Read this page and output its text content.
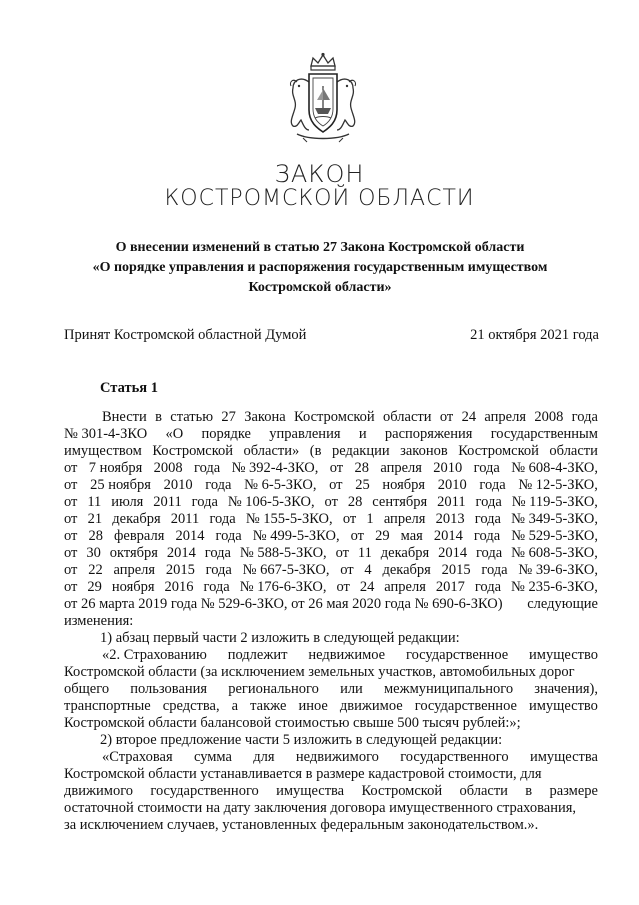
ЗАКОН
КОСТРОМСКОЙ ОБЛАСТИ
О внесении изменений в статью 27 Закона Костромской области
«О порядке управления и распоряжения государственным имуществом
Костромской области»
Принят Костромской областной Думой	21 октября 2021 года
Статья 1
Внести в статью 27 Закона Костромской области от 24 апреля 2008 года
№ 301-4-ЗКО «О порядке управления и распоряжения государственным
имуществом Костромской области» (в редакции законов Костромской области
от 7 ноября 2008 года № 392-4-ЗКО, от 28 апреля 2010 года № 608-4-ЗКО,
от 25 ноября 2010 года № 6-5-ЗКО, от 25 ноября 2010 года № 12-5-ЗКО,
от 11 июля 2011 года № 106-5-ЗКО, от 28 сентября 2011 года № 119-5-ЗКО,
от 21 декабря 2011 года № 155-5-ЗКО, от 1 апреля 2013 года № 349-5-ЗКО,
от 28 февраля 2014 года № 499-5-ЗКО, от 29 мая 2014 года № 529-5-ЗКО,
от 30 октября 2014 года № 588-5-ЗКО, от 11 декабря 2014 года № 608-5-ЗКО,
от 22 апреля 2015 года № 667-5-ЗКО, от 4 декабря 2015 года № 39-6-ЗКО,
от 29 ноября 2016 года № 176-6-ЗКО, от 24 апреля 2017 года № 235-6-ЗКО,
от 26 марта 2019 года № 529-6-ЗКО, от 26 мая 2020 года № 690-6-ЗКО) следующие
изменения:
1) абзац первый части 2 изложить в следующей редакции:
«2. Страхованию подлежит недвижимое государственное имущество
Костромской области (за исключением земельных участков, автомобильных дорог
общего пользования регионального или межмуниципального значения),
транспортные средства, а также иное движимое государственное имущество
Костромской области балансовой стоимостью свыше 500 тысяч рублей:»;
2) второе предложение части 5 изложить в следующей редакции:
«Страховая сумма для недвижимого государственного имущества
Костромской области устанавливается в размере кадастровой стоимости, для
движимого государственного имущества Костромской области в размере
остаточной стоимости на дату заключения договора имущественного страхования,
за исключением случаев, установленных федеральным законодательством.».
